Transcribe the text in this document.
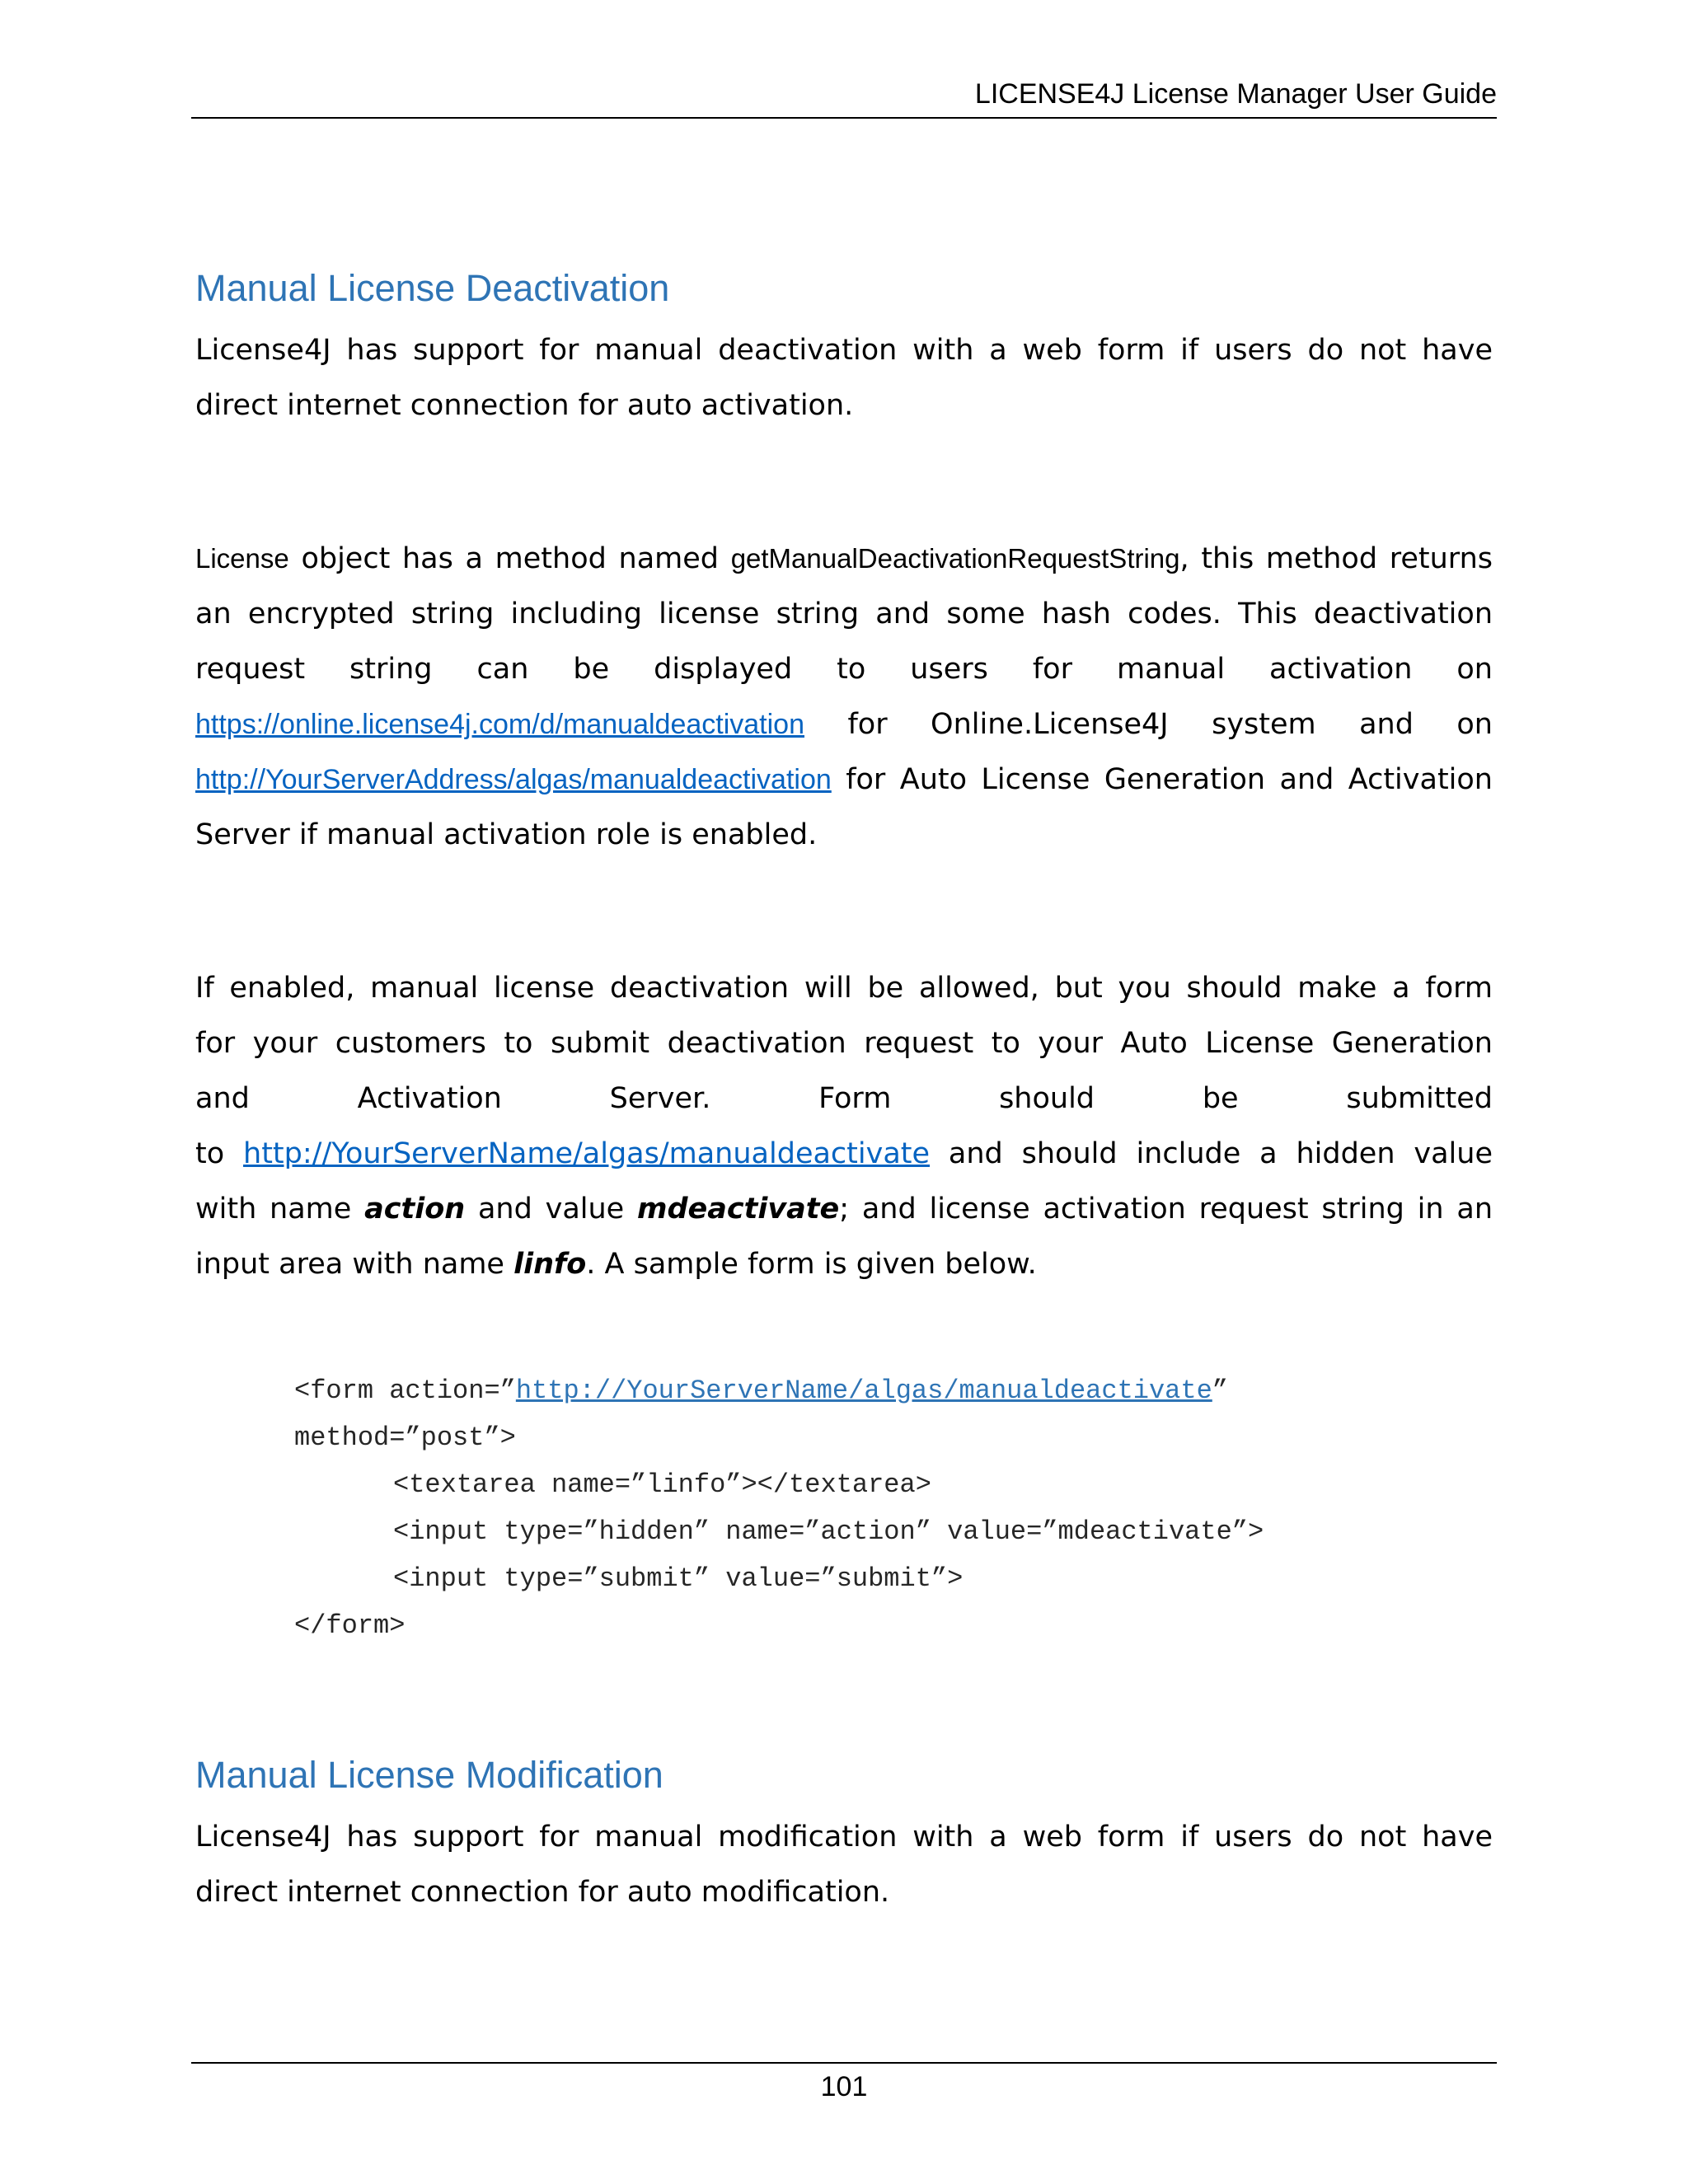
LICENSE4J License Manager User Guide
Manual License Deactivation

License4J has support for manual deactivation with a web form if users do not have direct internet connection for auto activation.

License object has a method named getManualDeactivationRequestString, this method returns an encrypted string including license string and some hash codes. This deactivation request string can be displayed to users for manual activation on https://online.license4j.com/d/manualdeactivation for Online.License4J system and on http://YourServerAddress/algas/manualdeactivation for Auto License Generation and Activation Server if manual activation role is enabled.

If enabled, manual license deactivation will be allowed, but you should make a form
for your customers to submit deactivation request to your Auto License Generation
and Activation Server. Form should be submitted
to http://YourServerName/algas/manualdeactivate and should include a hidden value with name action and value mdeactivate; and license activation request string in an input area with name linfo. A sample form is given below.

<form action=”http://YourServerName/algas/manualdeactivate”
method=”post”>
<textarea name=”linfo”></textarea>
<input type=”hidden” name=”action” value=”mdeactivate”>
<input type=”submit” value=”submit”>
</form>
Manual License Modification

License4J has support for manual modification with a web form if users do not have direct internet connection for auto modification.

101
